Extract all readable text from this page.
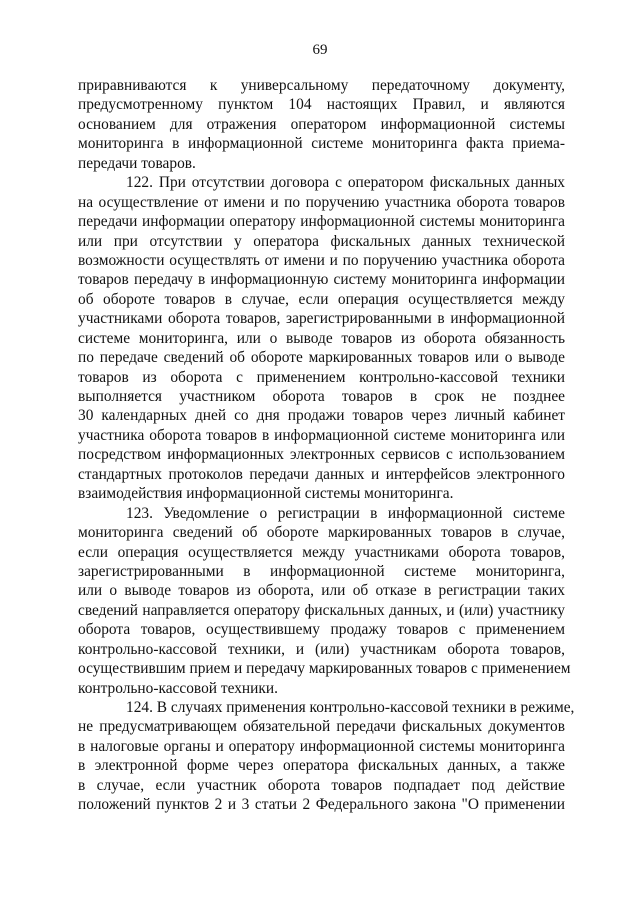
69
приравниваются к универсальному передаточному документу,
предусмотренному пунктом 104 настоящих Правил, и являются
основанием для отражения оператором информационной системы
мониторинга в информационной системе мониторинга факта приема-
передачи товаров.
122. При отсутствии договора с оператором фискальных данных
на осуществление от имени и по поручению участника оборота товаров
передачи информации оператору информационной системы мониторинга
или при отсутствии у оператора фискальных данных технической
возможности осуществлять от имени и по поручению участника оборота
товаров передачу в информационную систему мониторинга информации
об обороте товаров в случае, если операция осуществляется между
участниками оборота товаров, зарегистрированными в информационной
системе мониторинга, или о выводе товаров из оборота обязанность
по передаче сведений об обороте маркированных товаров или о выводе
товаров из оборота с применением контрольно-кассовой техники
выполняется участником оборота товаров в срок не позднее
30 календарных дней со дня продажи товаров через личный кабинет
участника оборота товаров в информационной системе мониторинга или
посредством информационных электронных сервисов с использованием
стандартных протоколов передачи данных и интерфейсов электронного
взаимодействия информационной системы мониторинга.
123. Уведомление о регистрации в информационной системе
мониторинга сведений об обороте маркированных товаров в случае,
если операция осуществляется между участниками оборота товаров,
зарегистрированными в информационной системе мониторинга,
или о выводе товаров из оборота, или об отказе в регистрации таких
сведений направляется оператору фискальных данных, и (или) участнику
оборота товаров, осуществившему продажу товаров с применением
контрольно-кассовой техники, и (или) участникам оборота товаров,
осуществившим прием и передачу маркированных товаров с применением
контрольно-кассовой техники.
124. В случаях применения контрольно-кассовой техники в режиме,
не предусматривающем обязательной передачи фискальных документов
в налоговые органы и оператору информационной системы мониторинга
в электронной форме через оператора фискальных данных, а также
в случае, если участник оборота товаров подпадает под действие
положений пунктов 2 и 3 статьи 2 Федерального закона "О применении
